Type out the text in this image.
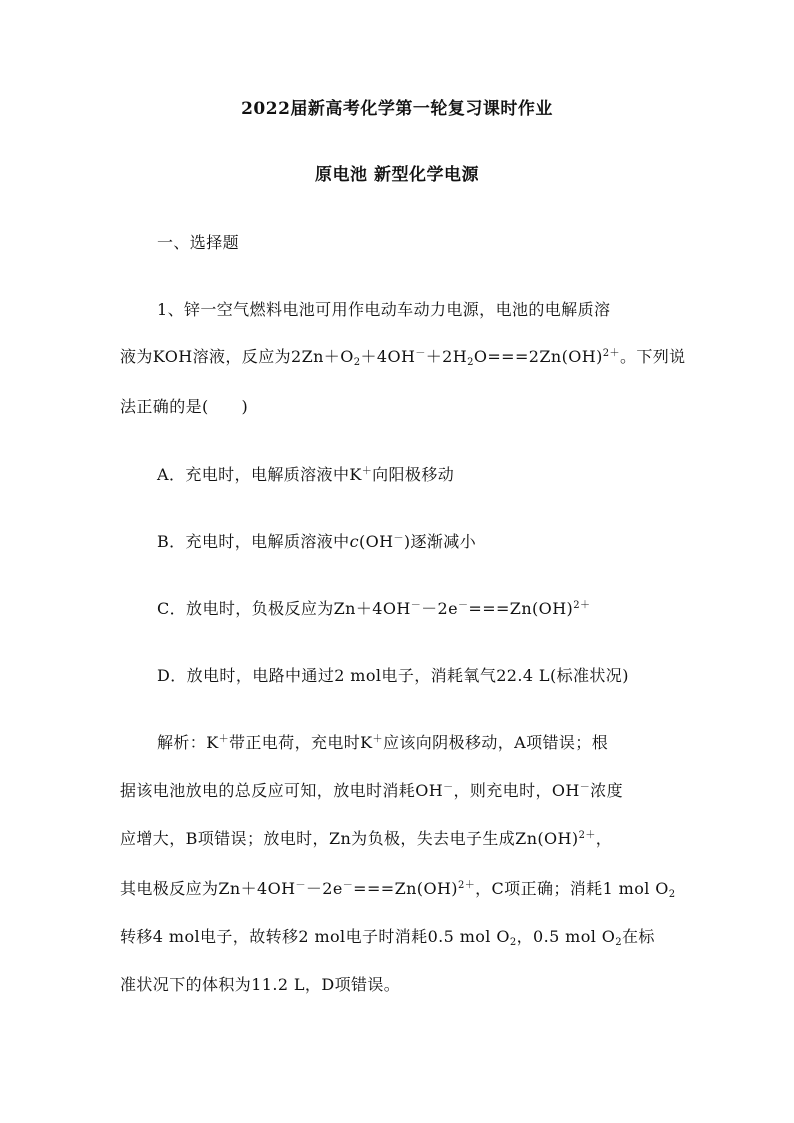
2022届新高考化学第一轮复习课时作业
原电池 新型化学电源
一、选择题
1、锌一空气燃料电池可用作电动车动力电源，电池的电解质溶
液为KOH溶液，反应为$2Zn+O_2+4OH^-+2H_2O===2Zn(OH)^{2+}$。下列说
法正确的是(　　)
A．充电时，电解质溶液中K＋向阳极移动
B．充电时，电解质溶液中c(OH－)逐渐减小
C．放电时，负极反应为Zn＋4OH－－2e－===Zn(OH)$^{2+}$
D．放电时，电路中通过2 mol电子，消耗氧气22.4 L(标准状况)
解析：K＋带正电荷，充电时K＋应该向阴极移动，A项错误；根
据该电池放电的总反应可知，放电时消耗OH－，则充电时，OH－浓度
应增大，B项错误；放电时，Zn为负极，失去电子生成Zn(OH)$^{2+}$，
其电极反应为Zn＋4OH－－2e－===Zn(OH)$^{2+}$，C项正确；消耗1 mol $O_2$
转移4 mol电子，故转移2 mol电子时消耗0.5 mol $O_2$，0.5 mol $O_2$在标
准状况下的体积为11.2 L，D项错误。
